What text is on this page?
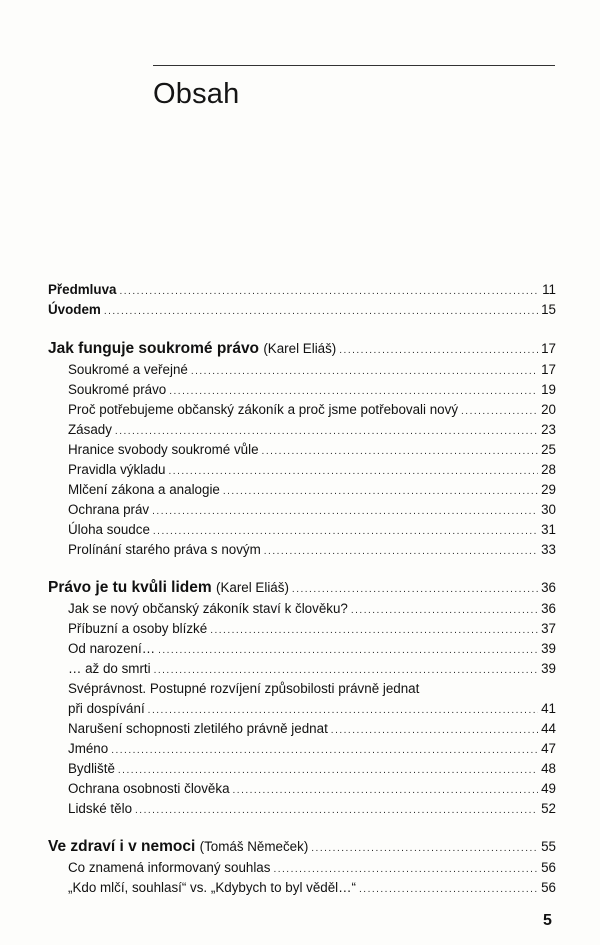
Obsah
Předmluva .....	11
Úvodem .....	15
Jak funguje soukromé právo (Karel Eliáš) .....	17
Soukromé a veřejné .....	17
Soukromé právo .....	19
Proč potřebujeme občanský zákoník a proč jsme potřebovali nový .....	20
Zásady .....	23
Hranice svobody soukromé vůle .....	25
Pravidla výkladu .....	28
Mlčení zákona a analogie .....	29
Ochrana práv .....	30
Úloha soudce .....	31
Prolínání starého práva s novým .....	33
Právo je tu kvůli lidem (Karel Eliáš) .....	36
Jak se nový občanský zákoník staví k člověku? .....	36
Příbuzní a osoby blízké .....	37
Od narození… .....	39
… až do smrti .....	39
Svéprávnost. Postupné rozvíjení způsobilosti právně jednat
při dospívání .....	41
Narušení schopnosti zletilého právně jednat .....	44
Jméno .....	47
Bydliště .....	48
Ochrana osobnosti člověka .....	49
Lidské tělo .....	52
Ve zdraví i v nemoci (Tomáš Němeček) .....	55
Co znamená informovaný souhlas .....	56
„Kdo mlčí, souhlasí“ vs. „Kdybych to byl věděl…“ .....	56
5
